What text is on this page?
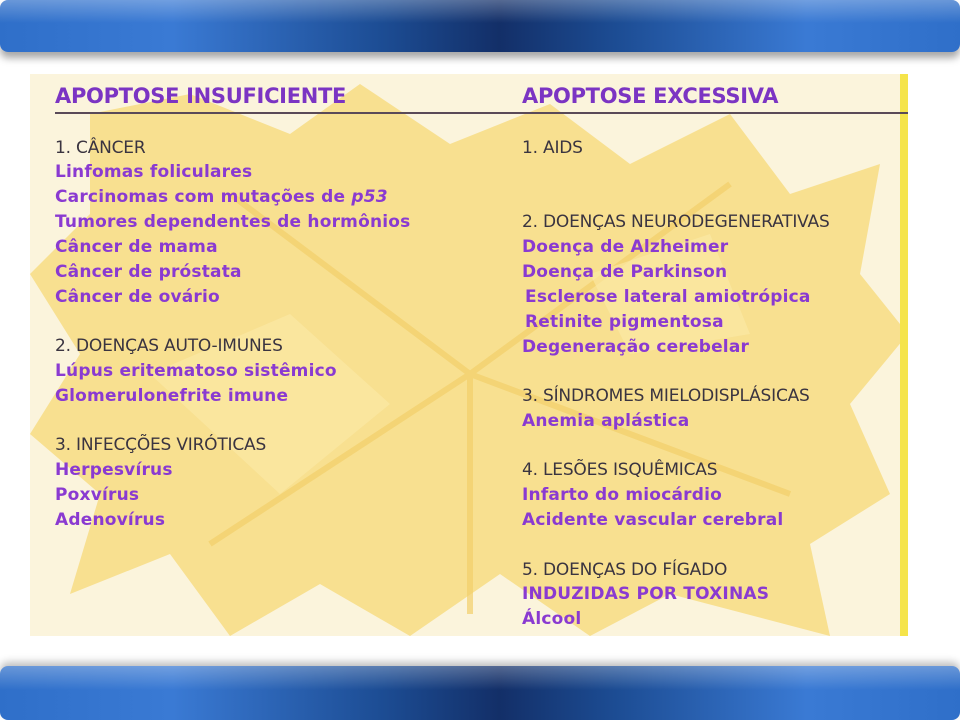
APOPTOSE INSUFICIENTE
1. CÂNCER
Linfomas foliculares
Carcinomas com mutações de p53
Tumores dependentes de hormônios
Câncer de mama
Câncer de próstata
Câncer de ovário
2. DOENÇAS AUTO-IMUNES
Lúpus eritematoso sistêmico
Glomerulonefrite imune
3. INFECÇÕES VIRÓTICAS
Herpesvírus
Poxvírus
Adenovírus
APOPTOSE EXCESSIVA
1. AIDS
2. DOENÇAS NEURODEGENERATIVAS
Doença de Alzheimer
Doença de Parkinson
Esclerose lateral amiotrópica
Retinite pigmentosa
Degeneração cerebelar
3. SÍNDROMES MIELODISPLÁSICAS
Anemia aplástica
4. LESÕES ISQUÊMICAS
Infarto do miocárdio
Acidente vascular cerebral
5. DOENÇAS DO FÍGADO
INDUZIDAS POR TOXINAS
Álcool
